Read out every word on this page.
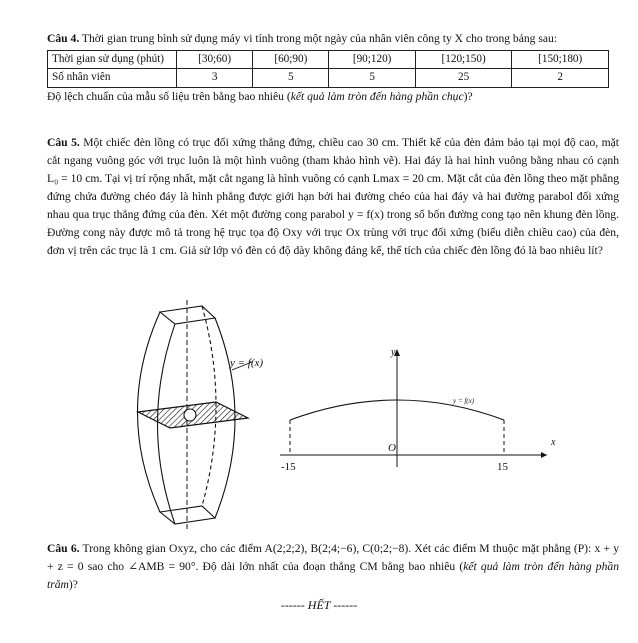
Câu 4. Thời gian trung bình sử dụng máy vi tính trong một ngày của nhân viên công ty X cho trong bảng sau:

Thời gian sử dụng (phút)	[30;60)	[60;90)	[90;120)	[120;150)	[150;180)
Số nhân viên	3	5	5	25	2

Độ lệch chuẩn của mẫu số liệu trên bằng bao nhiêu (kết quả làm tròn đến hàng phần chục)?

Câu 5. Một chiếc đèn lồng có trục đối xứng thẳng đứng, chiều cao 30 cm. Thiết kế của đèn đảm bảo tại mọi độ cao, mặt cắt ngang vuông góc với trục luôn là một hình vuông (tham khảo hình vẽ). Hai đáy là hai hình vuông bằng nhau có cạnh L₀ = 10 cm. Tại vị trí rộng nhất, mặt cắt ngang là hình vuông có cạnh Lmax = 20 cm. Mặt cắt của đèn lồng theo mặt phẳng đứng chứa đường chéo đáy là hình phẳng được giới hạn bởi hai đường chéo của hai đáy và hai đường parabol đối xứng nhau qua trục thẳng đứng của đèn. Xét một đường cong parabol y = f(x) trong số bốn đường cong tạo nên khung đèn lồng. Đường cong này được mô tả trong hệ trục tọa độ Oxy với trục Ox trùng với trục đối xứng (biểu diễn chiều cao) của đèn, đơn vị trên các trục là 1 cm. Giả sử lớp vỏ đèn có độ dày không đáng kể, thể tích của chiếc đèn lồng đó là bao nhiêu lít?

y = f(x)
y
x
O
-15	15
y = f(x)

Câu 6. Trong không gian Oxyz, cho các điểm A(2;2;2), B(2;4;−6), C(0;2;−8). Xét các điểm M thuộc mặt phẳng (P): x + y + z = 0 sao cho ∠AMB = 90°. Độ dài lớn nhất của đoạn thẳng CM bằng bao nhiêu (kết quả làm tròn đến hàng phần trăm)?

------ HẾT ------
